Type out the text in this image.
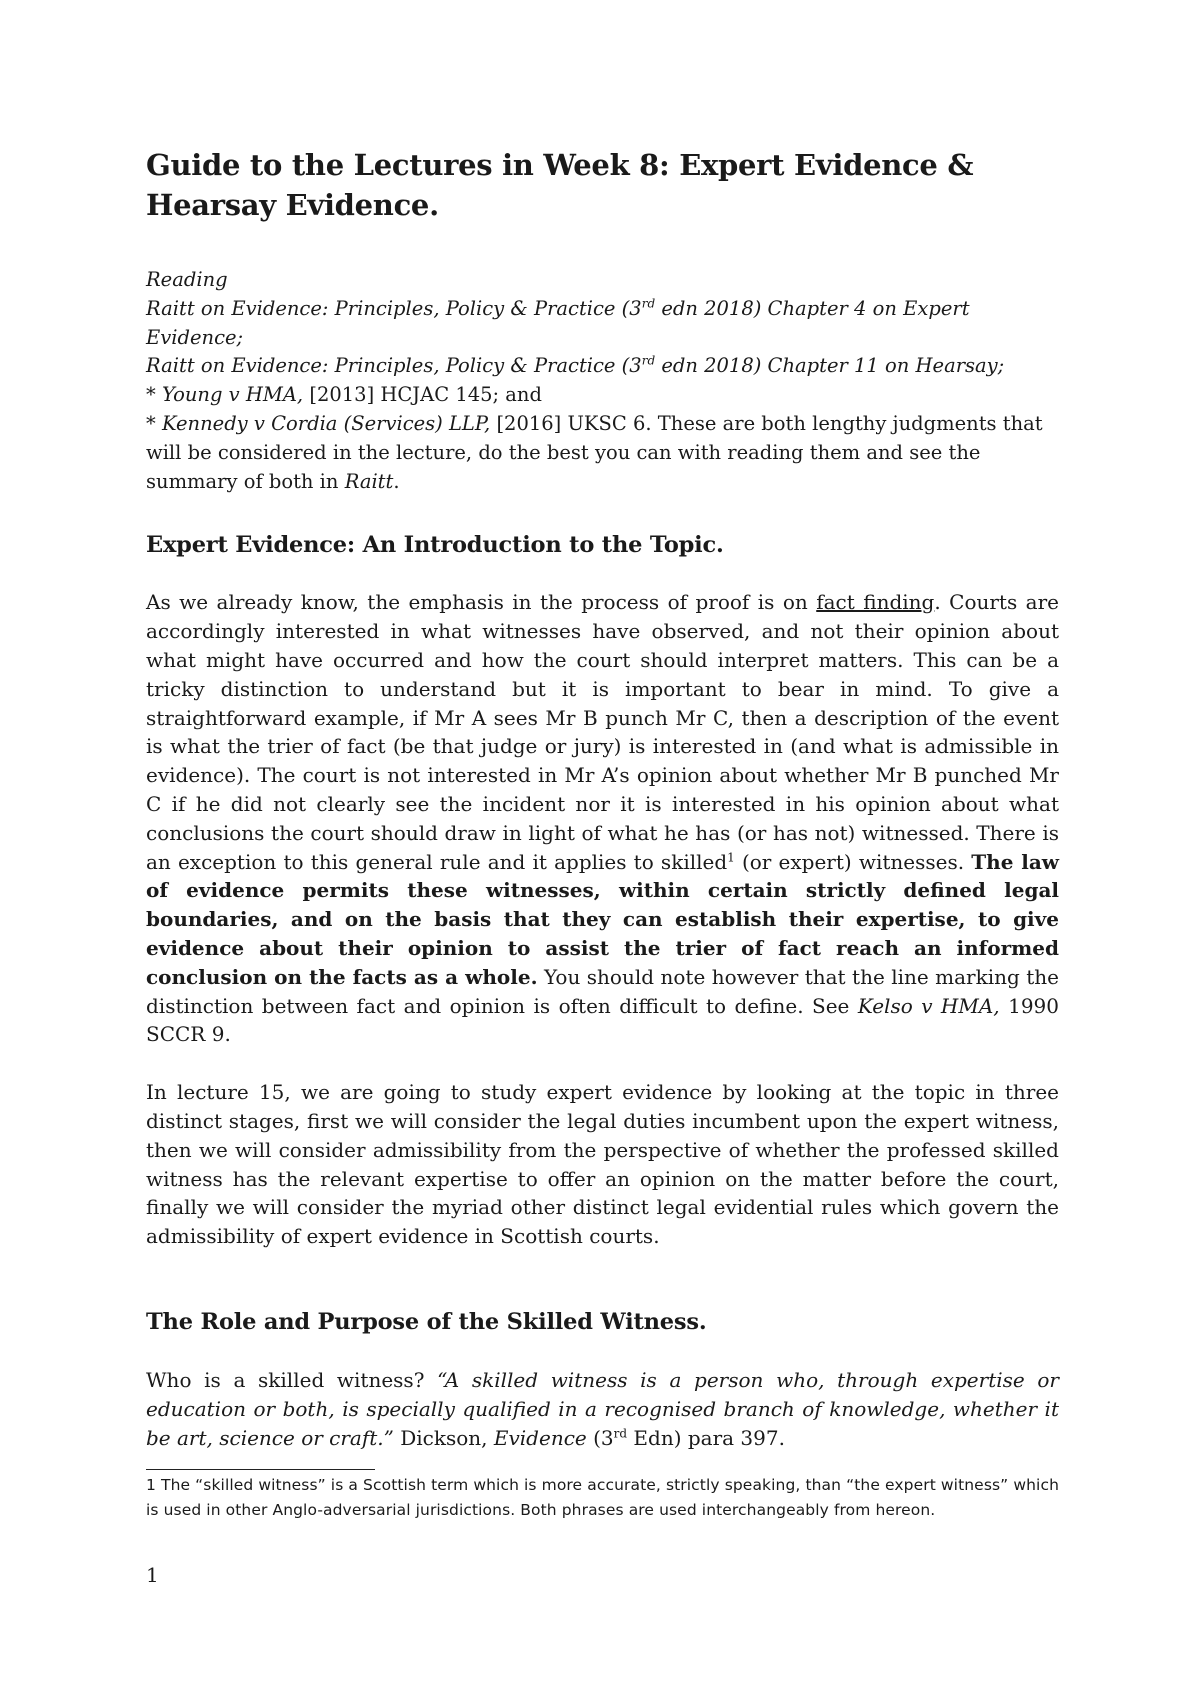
Guide to the Lectures in Week 8: Expert Evidence & Hearsay Evidence.
Reading
Raitt on Evidence: Principles, Policy & Practice (3rd edn 2018) Chapter 4 on Expert Evidence;
Raitt on Evidence: Principles, Policy & Practice (3rd edn 2018) Chapter 11 on Hearsay;
* Young v HMA, [2013] HCJAC 145; and

* Kennedy v Cordia (Services) LLP, [2016] UKSC 6. These are both lengthy judgments that will be considered in the lecture, do the best you can with reading them and see the summary of both in Raitt.

Expert Evidence: An Introduction to the Topic.

As we already know, the emphasis in the process of proof is on fact finding. Courts are accordingly interested in what witnesses have observed, and not their opinion about what might have occurred and how the court should interpret matters. This can be a tricky distinction to understand but it is important to bear in mind. To give a straightforward example, if Mr A sees Mr B punch Mr C, then a description of the event is what the trier of fact (be that judge or jury) is interested in (and what is admissible in evidence). The court is not interested in Mr A’s opinion about whether Mr B punched Mr C if he did not clearly see the incident nor it is interested in his opinion about what conclusions the court should draw in light of what he has (or has not) witnessed. There is an exception to this general rule and it applies to skilled$^1$ (or expert) witnesses. The law of evidence permits these witnesses, within certain strictly defined legal boundaries, and on the basis that they can establish their expertise, to give evidence about their opinion to assist the trier of fact reach an informed conclusion on the facts as a whole. You should note however that the line marking the distinction between fact and opinion is often difficult to define. See Kelso v HMA, 1990 SCCR 9.

In lecture 15, we are going to study expert evidence by looking at the topic in three distinct stages, first we will consider the legal duties incumbent upon the expert witness, then we will consider admissibility from the perspective of whether the professed skilled witness has the relevant expertise to offer an opinion on the matter before the court, finally we will consider the myriad other distinct legal evidential rules which govern the admissibility of expert evidence in Scottish courts.

The Role and Purpose of the Skilled Witness.

Who is a skilled witness? “A skilled witness is a person who, through expertise or education or both, is specially qualified in a recognised branch of knowledge, whether it be art, science or craft.” Dickson, Evidence (3rd Edn) para 397.

1 The “skilled witness” is a Scottish term which is more accurate, strictly speaking, than “the expert witness” which is used in other Anglo-adversarial jurisdictions. Both phrases are used interchangeably from hereon.
1
